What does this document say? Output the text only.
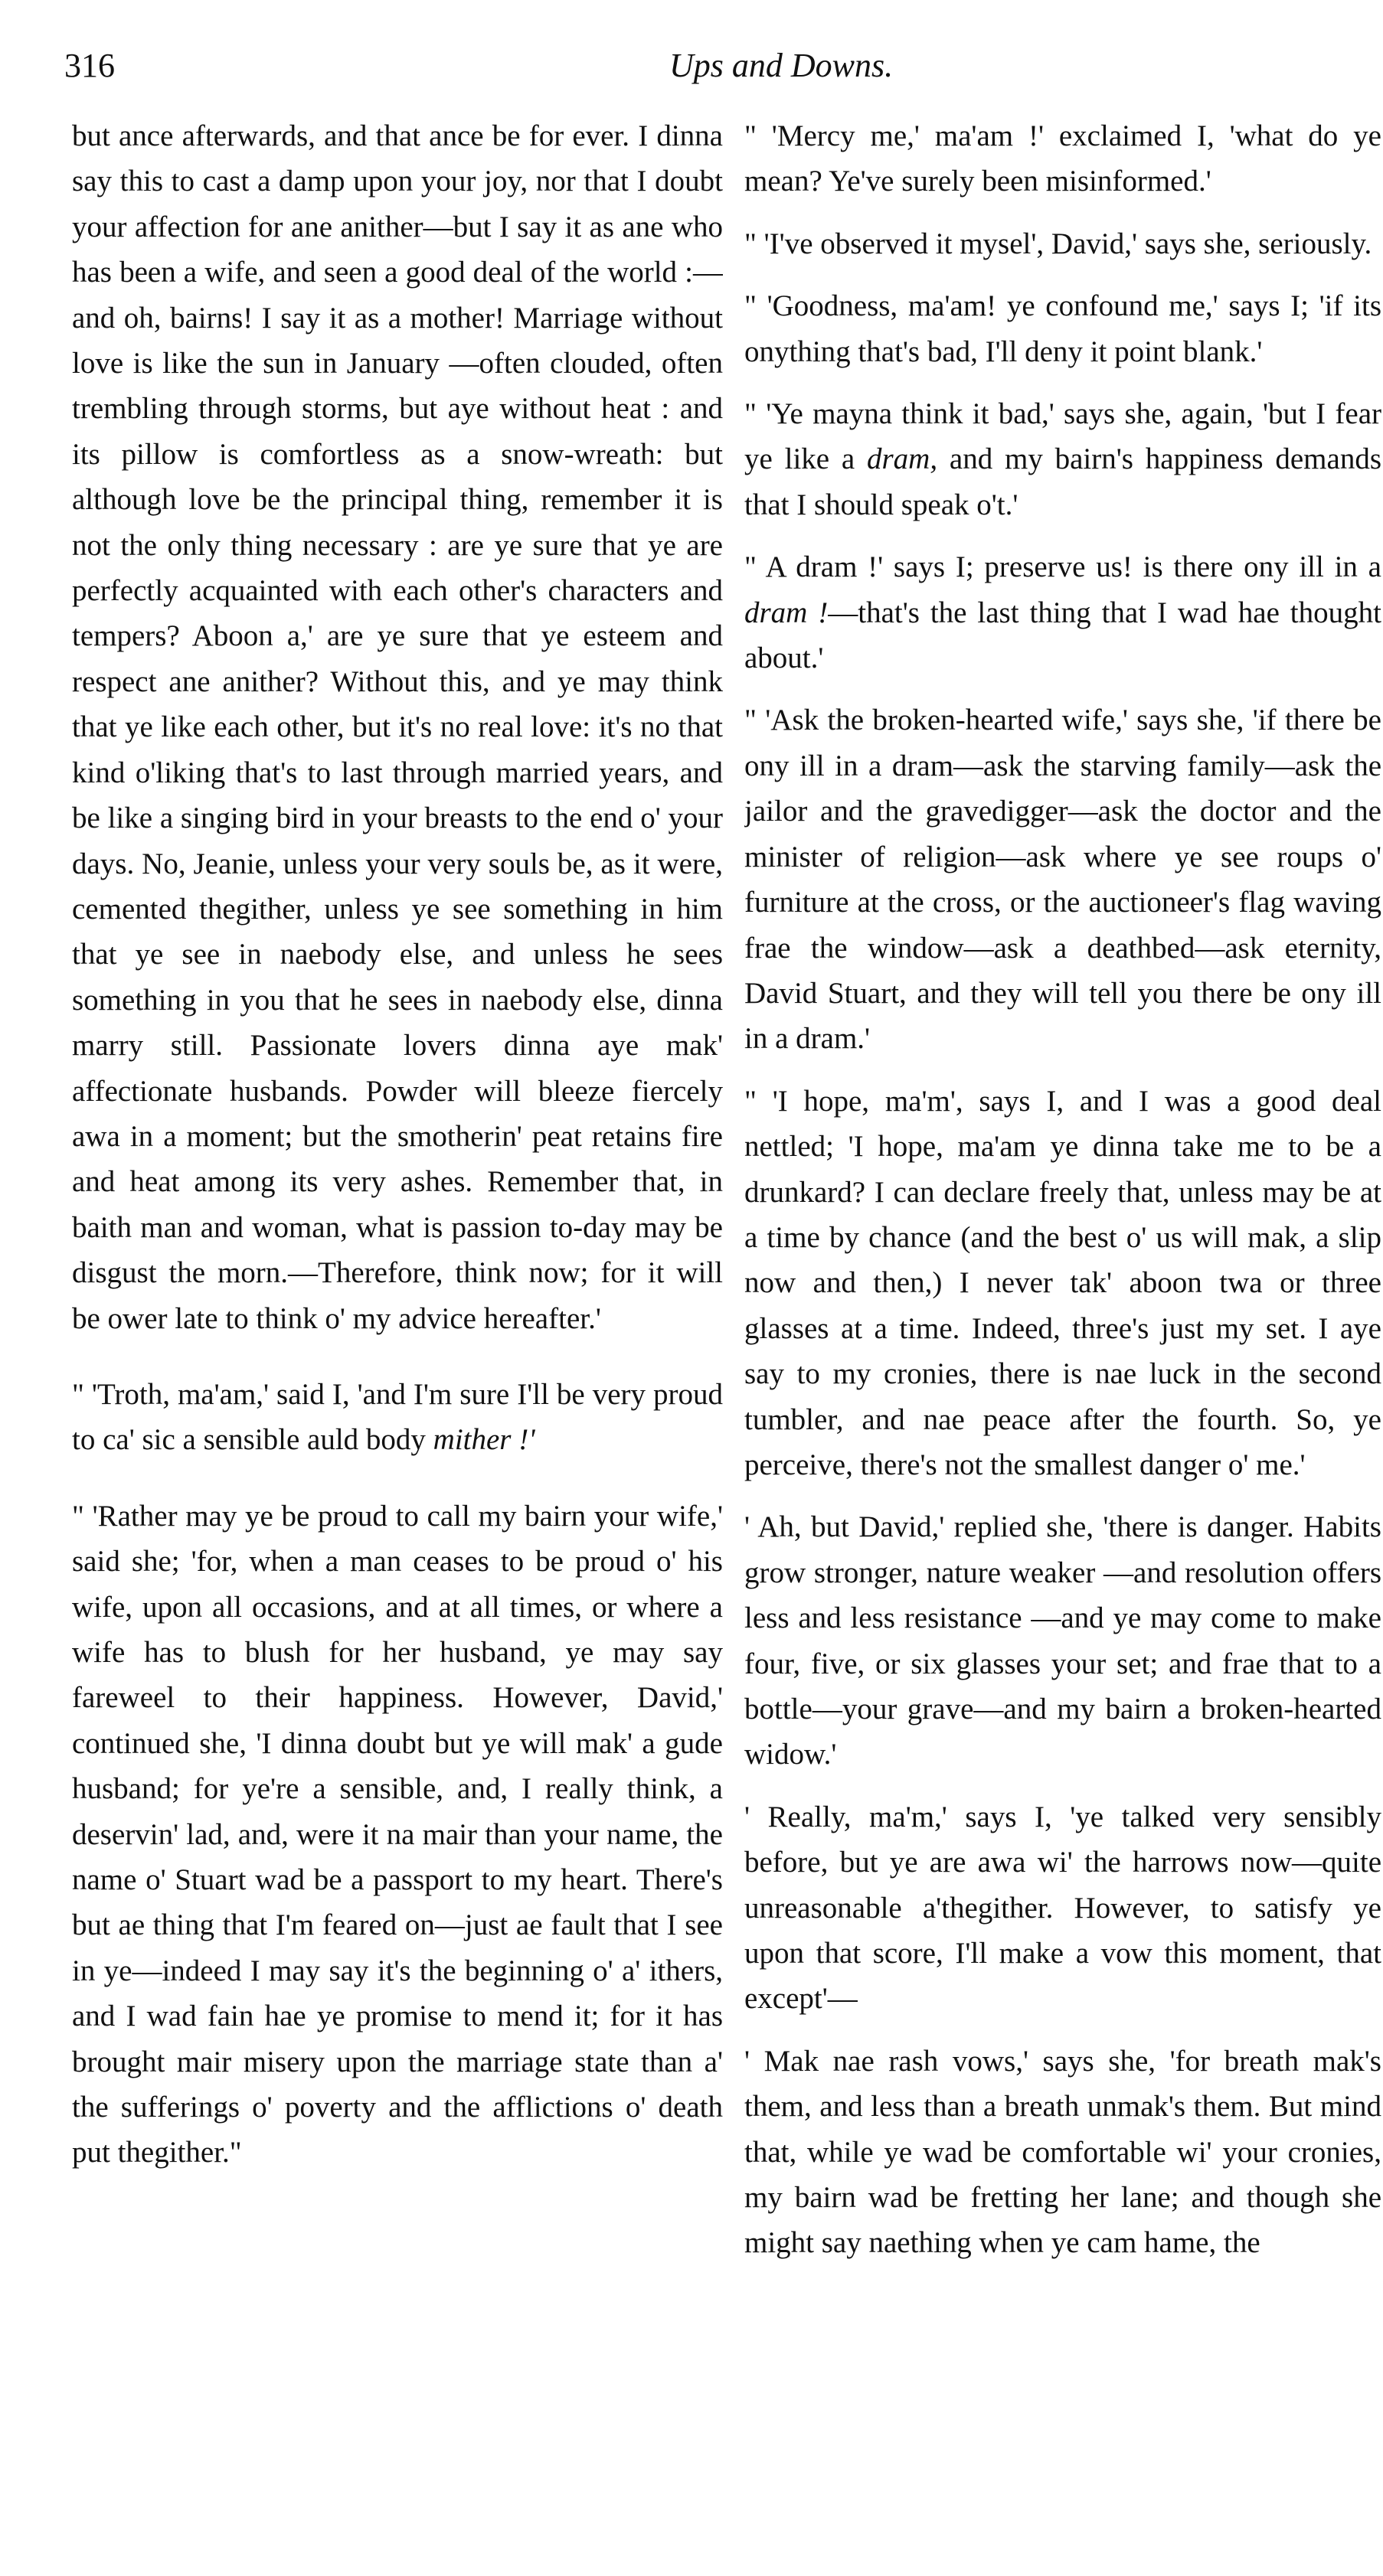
316	Ups and Downs.

but ance afterwards, and that ance be for ever. I dinna say this to cast a damp upon your joy, nor that I doubt your affection for ane anither—but I say it as ane who has been a wife, and seen a good deal of the world :—and oh, bairns! I say it as a mother! Marriage without love is like the sun in January —often clouded, often trembling through storms, but aye without heat : and its pillow is comfortless as a snow-wreath: but although love be the principal thing, remember it is not the only thing necessary : are ye sure that ye are perfectly acquainted with each other's characters and tempers? Aboon a,' are ye sure that ye esteem and respect ane anither? Without this, and ye may think that ye like each other, but it's no real love: it's no that kind o'liking that's to last through married years, and be like a singing bird in your breasts to the end o' your days. No, Jeanie, unless your very souls be, as it were, cemented thegither, unless ye see something in him that ye see in naebody else, and unless he sees something in you that he sees in naebody else, dinna marry still. Passionate lovers dinna aye mak' affectionate husbands. Powder will bleeze fiercely awa in a moment; but the smotherin' peat retains fire and heat among its very ashes. Remember that, in baith man and woman, what is passion to-day may be disgust the morn.—Therefore, think now; for it will be ower late to think o' my advice hereafter.'

" 'Troth, ma'am,' said I, 'and I'm sure I'll be very proud to ca' sic a sensible auld body mither !'

" 'Rather may ye be proud to call my bairn your wife,' said she; 'for, when a man ceases to be proud o' his wife, upon all occasions, and at all times, or where a wife has to blush for her husband, ye may say fareweel to their happiness. However, David,' continued she, 'I dinna doubt but ye will mak' a gude husband; for ye're a sensible, and, I really think, a deservin' lad, and, were it na mair than your name, the name o' Stuart wad be a passport to my heart. There's but ae thing that I'm feared on—just ae fault that I see in ye—indeed I may say it's the beginning o' a' ithers, and I wad fain hae ye promise to mend it; for it has brought mair misery upon the marriage state than a' the sufferings o' poverty and the afflictions o' death put thegither."

" 'Mercy me,' ma'am !' exclaimed I, 'what do ye mean? Ye've surely been misinformed.'

" 'I've observed it mysel', David,' says she, seriously.

" 'Goodness, ma'am! ye confound me,' says I; 'if its onything that's bad, I'll deny it point blank.'

" 'Ye mayna think it bad,' says she, again, 'but I fear ye like a dram, and my bairn's happiness demands that I should speak o't.'

" A dram !' says I; preserve us! is there ony ill in a dram !—that's the last thing that I wad hae thought about.'

" 'Ask the broken-hearted wife,' says she, 'if there be ony ill in a dram—ask the starving family—ask the jailor and the gravedigger—ask the doctor and the minister of religion—ask where ye see roups o' furniture at the cross, or the auctioneer's flag waving frae the window—ask a deathbed—ask eternity, David Stuart, and they will tell you there be ony ill in a dram.'

" 'I hope, ma'm', says I, and I was a good deal nettled; 'I hope, ma'am ye dinna take me to be a drunkard? I can declare freely that, unless may be at a time by chance (and the best o' us will mak, a slip now and then,) I never tak' aboon twa or three glasses at a time. Indeed, three's just my set. I aye say to my cronies, there is nae luck in the second tumbler, and nae peace after the fourth. So, ye perceive, there's not the smallest danger o' me.'

' Ah, but David,' replied she, 'there is danger. Habits grow stronger, nature weaker —and resolution offers less and less resistance —and ye may come to make four, five, or six glasses your set; and frae that to a bottle—your grave—and my bairn a broken-hearted widow.'

' Really, ma'm,' says I, 'ye talked very sensibly before, but ye are awa wi' the harrows now—quite unreasonable a'thegither. However, to satisfy ye upon that score, I'll make a vow this moment, that except'—

' Mak nae rash vows,' says she, 'for breath mak's them, and less than a breath unmak's them. But mind that, while ye wad be comfortable wi' your cronies, my bairn wad be fretting her lane; and though she might say naething when ye cam hame, the
